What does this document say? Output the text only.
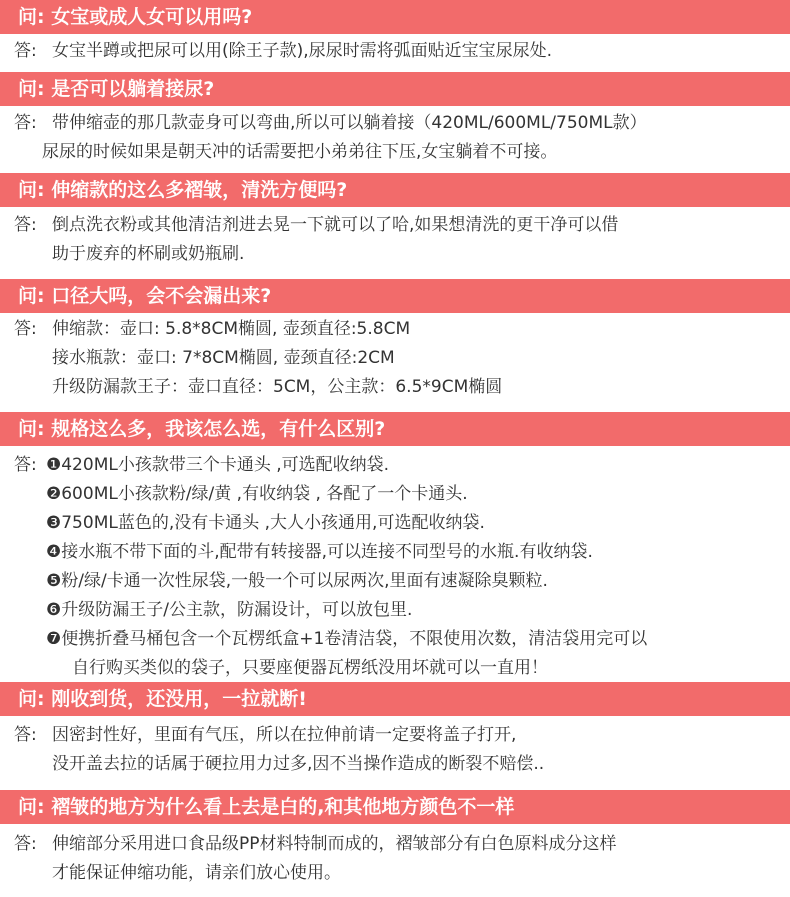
问: 女宝或成人女可以用吗?
答: 女宝半蹲或把尿可以用(除王子款),尿尿时需将弧面贴近宝宝尿尿处.
问: 是否可以躺着接尿?
答: 带伸缩壶的那几款壶身可以弯曲,所以可以躺着接（420ML/600ML/750ML款）
尿尿的时候如果是朝天冲的话需要把小弟弟往下压,女宝躺着不可接。
问: 伸缩款的这么多褶皱，清洗方便吗?
答: 倒点洗衣粉或其他清洁剂进去晃一下就可以了哈,如果想清洗的更干净可以借
助于废弃的杯刷或奶瓶刷.
问: 口径大吗，会不会漏出来?
答: 伸缩款：壶口: 5.8*8CM椭圆, 壶颈直径:5.8CM
接水瓶款：壶口: 7*8CM椭圆, 壶颈直径:2CM
升级防漏款王子：壶口直径：5CM，公主款：6.5*9CM椭圆
问: 规格这么多，我该怎么选，有什么区别?
答: ❶420ML小孩款带三个卡通头 ,可选配收纳袋.
❷600ML小孩款粉/绿/黄 ,有收纳袋 , 各配了一个卡通头.
❸750ML蓝色的,没有卡通头 ,大人小孩通用,可选配收纳袋.
❹接水瓶不带下面的斗,配带有转接器,可以连接不同型号的水瓶.有收纳袋.
❺粉/绿/卡通一次性尿袋,一般一个可以尿两次,里面有速凝除臭颗粒.
❻升级防漏王子/公主款，防漏设计，可以放包里.
❼便携折叠马桶包含一个瓦楞纸盒+1卷清洁袋，不限使用次数，清洁袋用完可以
自行购买类似的袋子，只要座便器瓦楞纸没用坏就可以一直用！
问: 刚收到货，还没用，一拉就断!
答: 因密封性好，里面有气压，所以在拉伸前请一定要将盖子打开,
没开盖去拉的话属于硬拉用力过多,因不当操作造成的断裂不赔偿..
问: 褶皱的地方为什么看上去是白的,和其他地方颜色不一样
答: 伸缩部分采用进口食品级PP材料特制而成的，褶皱部分有白色原料成分这样
才能保证伸缩功能，请亲们放心使用。
